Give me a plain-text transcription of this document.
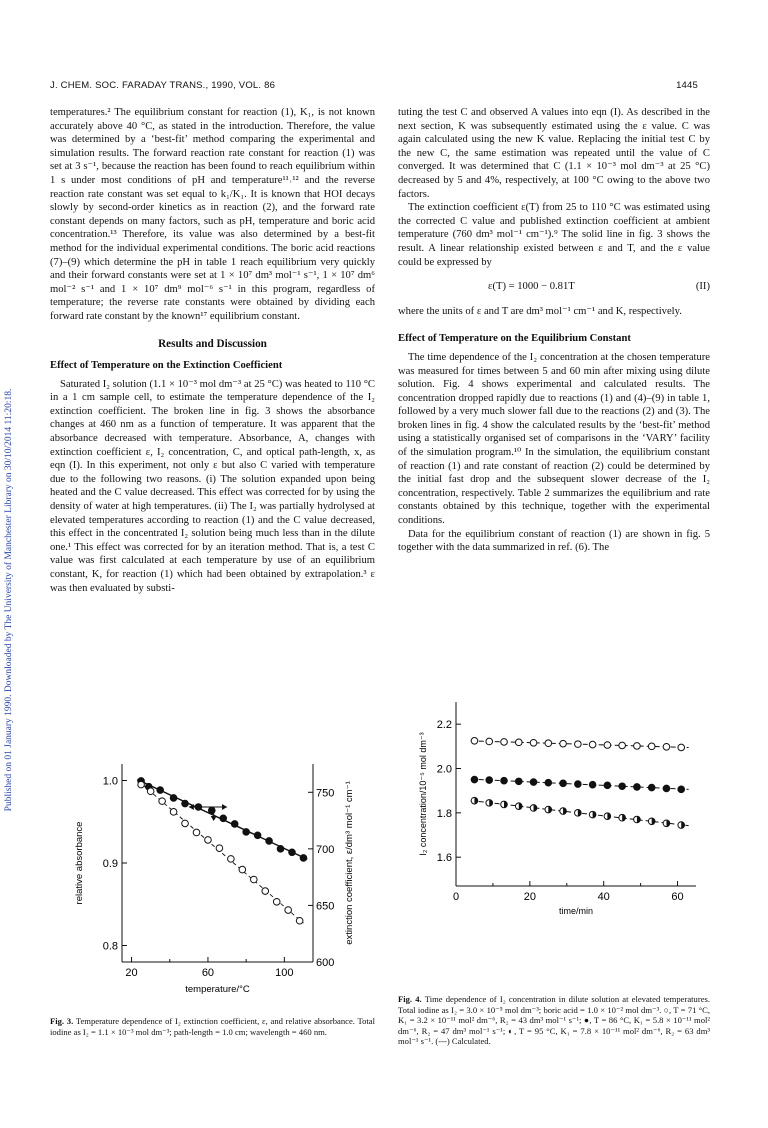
J. CHEM. SOC. FARADAY TRANS., 1990, VOL. 86	1445
Published on 01 January 1990. Downloaded by The University of Manchester Library on 30/10/2014 11:20:18.

temperatures.² The equilibrium constant for reaction (1), K₁, is not known accurately above 40 °C, as stated in the introduction. Therefore, the value was determined by a ‘best-fit’ method comparing the experimental and simulation results. The forward reaction rate constant for reaction (1) was set at 3 s⁻¹, because the reaction has been found to reach equilibrium within 1 s under most conditions of pH and temperature¹¹˒¹² and the reverse reaction rate constant was set equal to k₁/K₁. It is known that HOI decays slowly by second-order kinetics as in reaction (2), and the forward rate constant depends on many factors, such as pH, temperature and boric acid concentration.¹³ Therefore, its value was also determined by a best-fit method for the individual experimental conditions. The boric acid reactions (7)–(9) which determine the pH in table 1 reach equilibrium very quickly and their forward constants were set at 1 × 10⁷ dm³ mol⁻¹ s⁻¹, 1 × 10⁷ dm⁶ mol⁻² s⁻¹ and 1 × 10⁷ dm⁹ mol⁻⁶ s⁻¹ in this program, regardless of temperature; the reverse rate constants were obtained by dividing each forward rate constant by the known¹⁷ equilibrium constant.

Results and Discussion
Effect of Temperature on the Extinction Coefficient

Saturated I₂ solution (1.1 × 10⁻³ mol dm⁻³ at 25 °C) was heated to 110 °C in a 1 cm sample cell, to estimate the temperature dependence of the I₂ extinction coefficient. The broken line in fig. 3 shows the absorbance changes at 460 nm as a function of temperature. It was apparent that the absorbance decreased with temperature. Absorbance, A, changes with extinction coefficient ε, I₂ concentration, C, and optical path-length, x, as eqn (I). In this experiment, not only ε but also C varied with temperature due to the following two reasons. (i) The solution expanded upon being heated and the C value decreased. This effect was corrected for by using the density of water at high temperatures. (ii) The I₂ was partially hydrolysed at elevated temperatures according to reaction (1) and the C value decreased, this effect in the concentrated I₂ solution being much less than in the dilute one.¹ This effect was corrected for by an iteration method. That is, a test C value was first calculated at each temperature by use of an equilibrium constant, K, for reaction (1) which had been obtained by extrapolation.³ ε was then evaluated by substi-

tuting the test C and observed A values into eqn (I). As described in the next section, K was subsequently estimated using the ε value. C was again calculated using the new K value. Replacing the initial test C by the new C, the same estimation was repeated until the value of C converged. It was determined that C (1.1 × 10⁻³ mol dm⁻³ at 25 °C) decreased by 5 and 4%, respectively, at 100 °C owing to the above two factors.

The extinction coefficient ε(T) from 25 to 110 °C was estimated using the corrected C value and published extinction coefficient at ambient temperature (760 dm³ mol⁻¹ cm⁻¹).⁹ The solid line in fig. 3 shows the result. A linear relationship existed between ε and T, and the ε value could be expressed by

ε(T) = 1000 − 0.81T	(II)

where the units of ε and T are dm³ mol⁻¹ cm⁻¹ and K, respectively.

Effect of Temperature on the Equilibrium Constant

The time dependence of the I₂ concentration at the chosen temperature was measured for times between 5 and 60 min after mixing using dilute solution. Fig. 4 shows experimental and calculated results. The concentration dropped rapidly due to reactions (1) and (4)–(9) in table 1, followed by a very much slower fall due to the reactions (2) and (3). The broken lines in fig. 4 show the calculated results by the ‘best-fit’ method using a statistically organised set of comparisons in the ‘VARY’ facility of the simulation program.¹⁰ In the simulation, the equilibrium constant of reaction (1) and rate constant of reaction (2) could be determined by the initial fast drop and the subsequent slower decrease of the I₂ concentration, respectively. Table 2 summarizes the equilibrium and rate constants obtained by this technique, together with the experimental conditions.

Data for the equilibrium constant of reaction (1) are shown in fig. 5 together with the data summarized in ref. (6). The

20	60	100
0.8
0.9
1.0
600
650
700
750
temperature/°C
relative absorbance	extinction coefficient, ε/dm³ mol⁻¹ cm⁻¹	0	20	40	60
1.6
1.8
2.0
2.2
time/min
I₂ concentration/10⁻⁵ mol dm⁻³
Fig. 3. Temperature dependence of I₂ extinction coefficient, ε, and relative absorbance. Total iodine as I₂ = 1.1 × 10⁻³ mol dm⁻³; path-length = 1.0 cm; wavelength = 460 nm.
Fig. 4. Time dependence of I₂ concentration in dilute solution at elevated temperatures. Total iodine as I₂ = 3.0 × 10⁻⁵ mol dm⁻³; boric acid = 1.0 × 10⁻² mol dm⁻³. ○, T = 71 °C, K₁ = 3.2 × 10⁻¹¹ mol² dm⁻⁶, R₂ = 43 dm³ mol⁻¹ s⁻¹; ●, T = 86 °C, K₁ = 5.8 × 10⁻¹¹ mol² dm⁻⁶, R₂ = 47 dm³ mol⁻¹ s⁻¹; ◐, T = 95 °C, K₁ = 7.8 × 10⁻¹¹ mol² dm⁻⁶, R₂ = 63 dm³ mol⁻¹ s⁻¹. (---) Calculated.
